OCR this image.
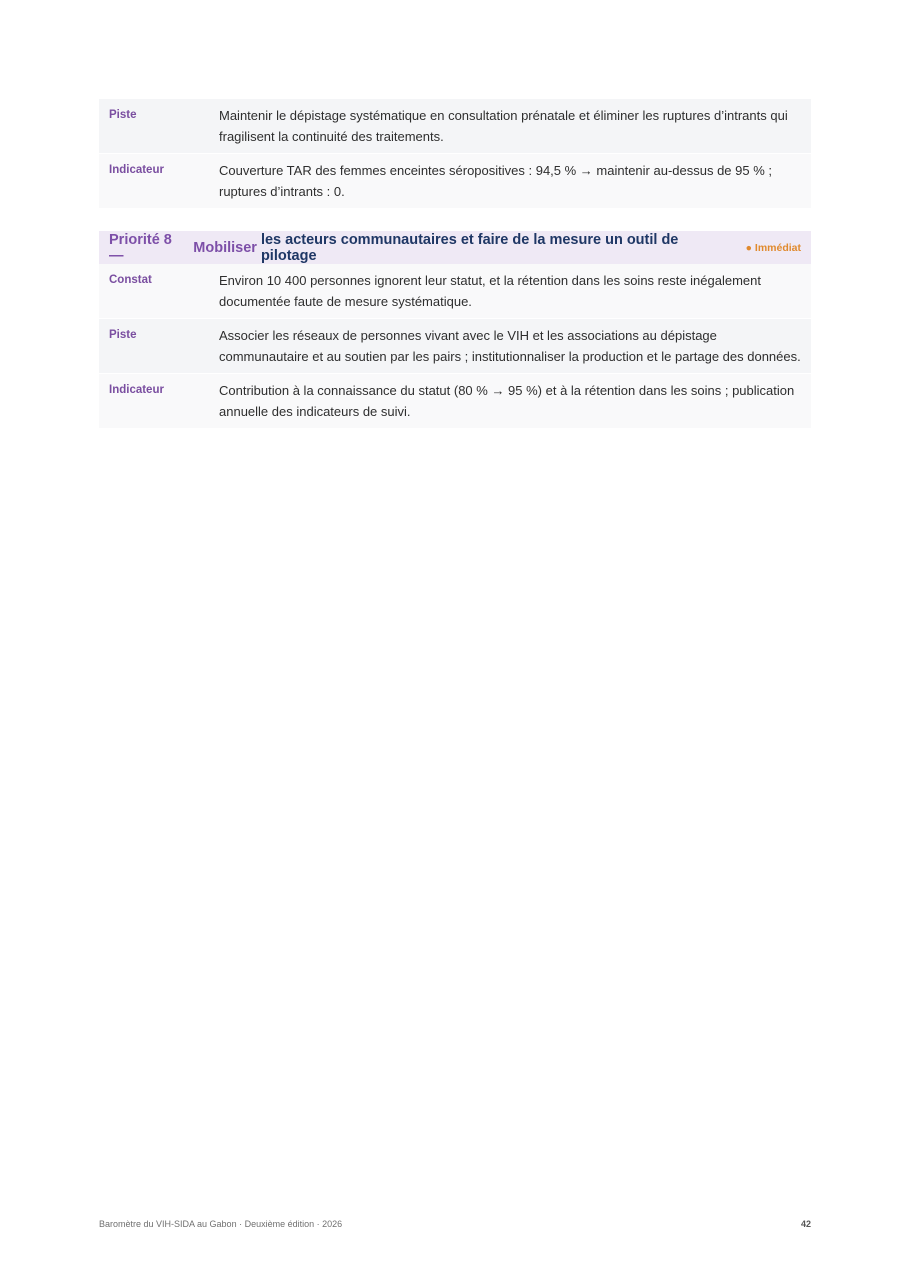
Piste	Maintenir le dépistage systématique en consultation prénatale et éliminer les ruptures d’intrants qui fragilisent la continuité des traitements.
Indicateur	Couverture TAR des femmes enceintes séropositives : 94,5 % → maintenir au-dessus de 95 % ; ruptures d’intrants : 0.
Priorité 8 —	Mobiliser les acteurs communautaires et faire de la mesure un outil de pilotage	● Immédiat
Constat	Environ 10 400 personnes ignorent leur statut, et la rétention dans les soins reste inégalement documentée faute de mesure systématique.
Piste	Associer les réseaux de personnes vivant avec le VIH et les associations au dépistage communautaire et au soutien par les pairs ; institutionnaliser la production et le partage des données.
Indicateur	Contribution à la connaissance du statut (80 % → 95 %) et à la rétention dans les soins ; publication annuelle des indicateurs de suivi.
Baromètre du VIH-SIDA au Gabon · Deuxième édition · 2026	42
